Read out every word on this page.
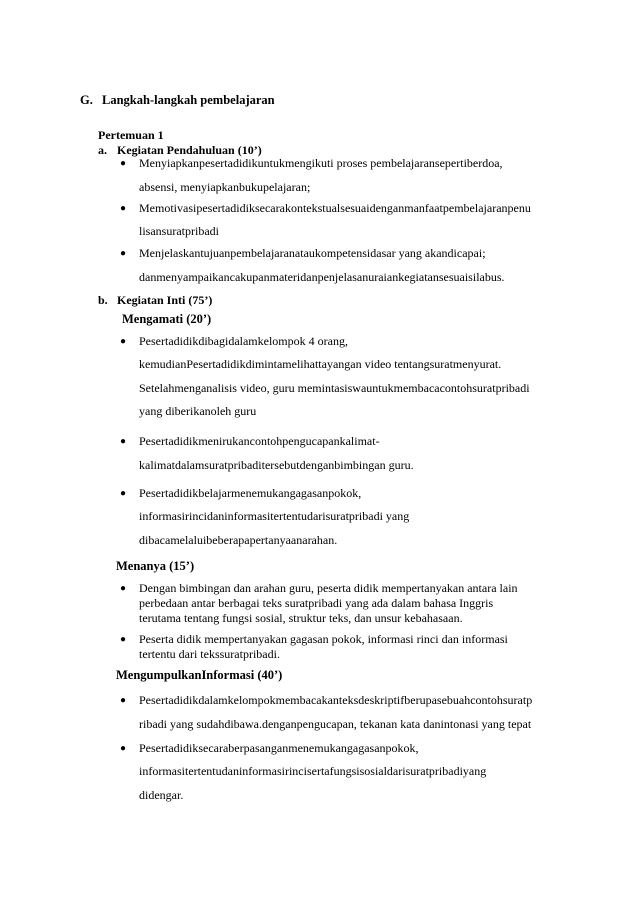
G. Langkah-langkah pembelajaran
Pertemuan 1
a. Kegiatan Pendahuluan (10’)
● Menyiapkanpesertadidikuntukmengikuti proses pembelajaransepertiberdoa,
absensi, menyiapkanbukupelajaran;
● Memotivasipesertadidiksecarakontekstualsesuaidenganmanfaatpembelajaranpenu
lisansuratpribadi
● Menjelaskantujuanpembelajaranataukompetensidasar yang akandicapai;
danmenyampaikancakupanmateridanpenjelasanuraiankegiatansesuaisilabus.
b. Kegiatan Inti (75’)
Mengamati (20’)
● Pesertadidikdibagidalamkelompok 4 orang,
kemudianPesertadidikdimintamelihattayangan video tentangsuratmenyurat.
Setelahmenganalisis video, guru memintasiswauntukmembacacontohsuratpribadi
yang diberikanoleh guru
● Pesertadidikmenirukancontohpengucapankalimat-
kalimatdalamsuratpribaditersebutdenganbimbingan guru.
● Pesertadidikbelajarmenemukangagasanpokok,
informasirincidaninformasitertentudarisuratpribadi yang
dibacamelaluibeberapapertanyaanarahan.
Menanya (15’)
● Dengan bimbingan dan arahan guru, peserta didik mempertanyakan antara lain
perbedaan antar berbagai teks suratpribadi yang ada dalam bahasa Inggris
terutama tentang fungsi sosial, struktur teks, dan unsur kebahasaan.
● Peserta didik mempertanyakan gagasan pokok, informasi rinci dan informasi
tertentu dari tekssuratpribadi.
MengumpulkanInformasi (40’)
● Pesertadidikdalamkelompokmembacakanteksdeskriptifberupasebuahcontohsuratp
ribadi yang sudahdibawa.denganpengucapan, tekanan kata danintonasi yang tepat
● Pesertadidiksecaraberpasanganmenemukangagasanpokok,
informasitertentudaninformasirincisertafungsisosialdarisuratpribadiyang
didengar.
